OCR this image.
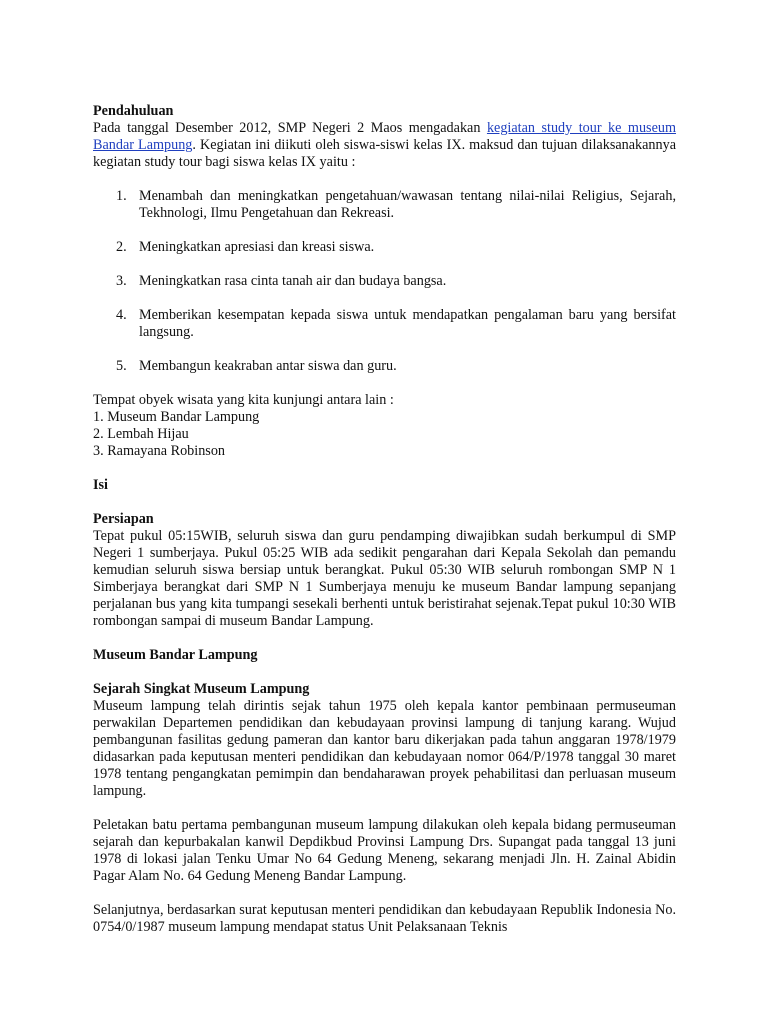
Pendahuluan

Pada tanggal Desember 2012, SMP Negeri 2 Maos mengadakan kegiatan study tour ke museum Bandar Lampung. Kegiatan ini diikuti oleh siswa-siswi kelas IX. maksud dan tujuan dilaksanakannya kegiatan study tour bagi siswa kelas IX yaitu :

1. Menambah dan meningkatkan pengetahuan/wawasan tentang nilai-nilai Religius, Sejarah, Tekhnologi, Ilmu Pengetahuan dan Rekreasi.
2. Meningkatkan apresiasi dan kreasi siswa.
3. Meningkatkan rasa cinta tanah air dan budaya bangsa.
4. Memberikan kesempatan kepada siswa untuk mendapatkan pengalaman baru yang bersifat langsung.
5. Membangun keakraban antar siswa dan guru.

Tempat obyek wisata yang kita kunjungi antara lain :

1. Museum Bandar Lampung

2. Lembah Hijau

3. Ramayana Robinson

Isi

Persiapan

Tepat pukul 05:15WIB, seluruh siswa dan guru pendamping diwajibkan sudah berkumpul di SMP Negeri 1 sumberjaya. Pukul 05:25 WIB ada sedikit pengarahan dari Kepala Sekolah dan pemandu kemudian seluruh siswa bersiap untuk berangkat. Pukul 05:30 WIB seluruh rombongan SMP N 1 Simberjaya berangkat dari SMP N 1 Sumberjaya menuju ke museum Bandar lampung sepanjang perjalanan bus yang kita tumpangi sesekali berhenti untuk beristirahat sejenak.Tepat pukul 10:30 WIB rombongan sampai di museum Bandar Lampung.

Museum Bandar Lampung

Sejarah Singkat Museum Lampung

Museum lampung telah dirintis sejak tahun 1975 oleh kepala kantor pembinaan permuseuman perwakilan Departemen pendidikan dan kebudayaan provinsi lampung di tanjung karang. Wujud pembangunan fasilitas gedung pameran dan kantor baru dikerjakan pada tahun anggaran 1978/1979 didasarkan pada keputusan menteri pendidikan dan kebudayaan nomor 064/P/1978 tanggal 30 maret 1978 tentang pengangkatan pemimpin dan bendaharawan proyek pehabilitasi dan perluasan museum lampung.

Peletakan batu pertama pembangunan museum lampung dilakukan oleh kepala bidang permuseuman sejarah dan kepurbakalan kanwil Depdikbud Provinsi Lampung Drs. Supangat pada tanggal 13 juni 1978 di lokasi jalan Tenku Umar No 64 Gedung Meneng, sekarang menjadi Jln. H. Zainal Abidin Pagar Alam No. 64 Gedung Meneng Bandar Lampung.

Selanjutnya, berdasarkan surat keputusan menteri pendidikan dan kebudayaan Republik Indonesia No. 0754/0/1987 museum lampung mendapat status Unit Pelaksanaan Teknis
